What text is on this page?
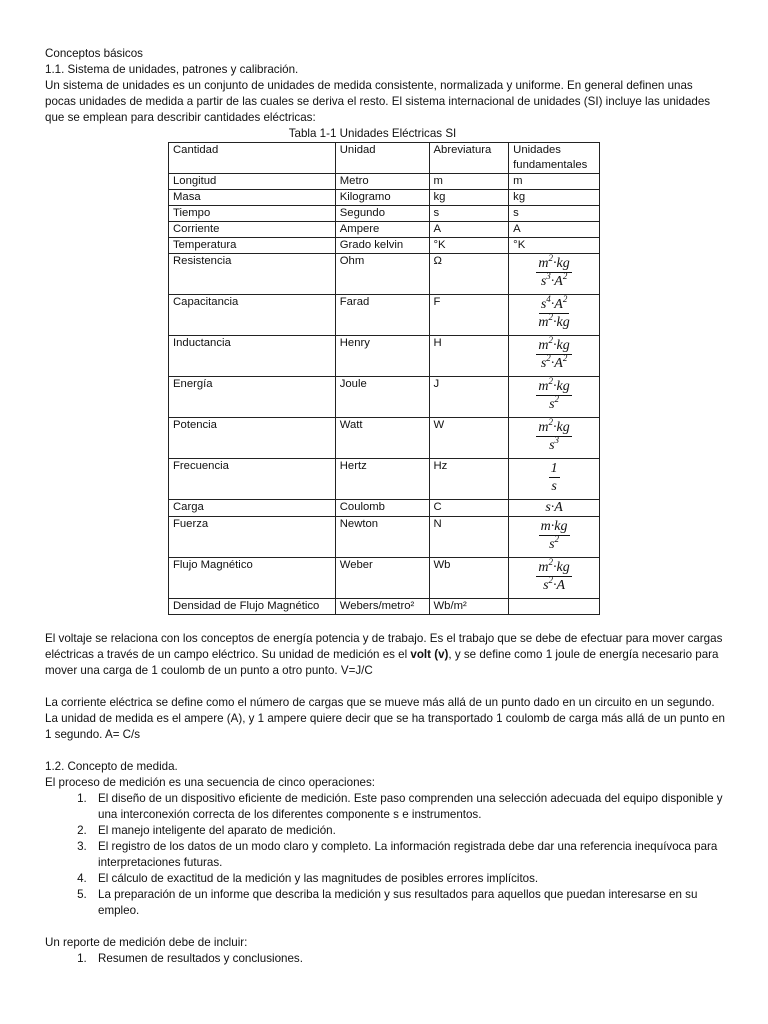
Conceptos básicos

1.1. Sistema de unidades, patrones y calibración.

Un sistema de unidades es un conjunto de unidades de medida consistente, normalizada y uniforme. En general definen unas pocas unidades de medida a partir de las cuales se deriva el resto. El sistema internacional de unidades (SI) incluye las unidades que se emplean para describir cantidades eléctricas:

Tabla 1-1 Unidades Eléctricas SI

Cantidad	Unidad	Abreviatura	Unidades fundamentales
Longitud	Metro	m	m
Masa	Kilogramo	kg	kg
Tiempo	Segundo	s	s
Corriente	Ampere	A	A
Temperatura	Grado kelvin	°K	°K
Resistencia	Ohm	Ω	$\frac{m^2\cdot kg}{s^3\cdot A^2}$

Capacitancia	Farad	F	$\frac{s^4\cdot A^2}{m^2\cdot kg}$

Inductancia	Henry	H	$\frac{m^2\cdot kg}{s^2\cdot A^2}$

Energía	Joule	J	$\frac{m^2\cdot kg}{s^2}$

Potencia	Watt	W	$\frac{m^2\cdot kg}{s^3}$

Frecuencia	Hertz	Hz	$\frac{1}{s}$

Carga	Coulomb	C	s·A
Fuerza	Newton	N	$\frac{m\cdot kg}{s^2}$

Flujo Magnético	Weber	Wb	$\frac{m^2\cdot kg}{s^2\cdot A}$

Densidad de Flujo Magnético	Webers/metro²	Wb/m²	

El voltaje se relaciona con los conceptos de energía potencia y de trabajo. Es el trabajo que se debe de efectuar para mover cargas eléctricas a través de un campo eléctrico. Su unidad de medición es el volt (v), y se define como 1 joule de energía necesario para mover una carga de 1 coulomb de un punto a otro punto. V=J/C

La corriente eléctrica se define como el número de cargas que se mueve más allá de un punto dado en un circuito en un segundo. La unidad de medida es el ampere (A), y 1 ampere quiere decir que se ha transportado 1 coulomb de carga más allá de un punto en 1 segundo. A= C/s

1.2. Concepto de medida.

El proceso de medición es una secuencia de cinco operaciones:

1. El diseño de un dispositivo eficiente de medición. Este paso comprenden una selección adecuada del equipo disponible y una interconexión correcta de los diferentes componente s e instrumentos.
2. El manejo inteligente del aparato de medición.
3. El registro de los datos de un modo claro y completo. La información registrada debe dar una referencia inequívoca para interpretaciones futuras.
4. El cálculo de exactitud de la medición y las magnitudes de posibles errores implícitos.
5. La preparación de un informe que describa la medición y sus resultados para aquellos que puedan interesarse en su empleo.

Un reporte de medición debe de incluir:

1. Resumen de resultados y conclusiones.
